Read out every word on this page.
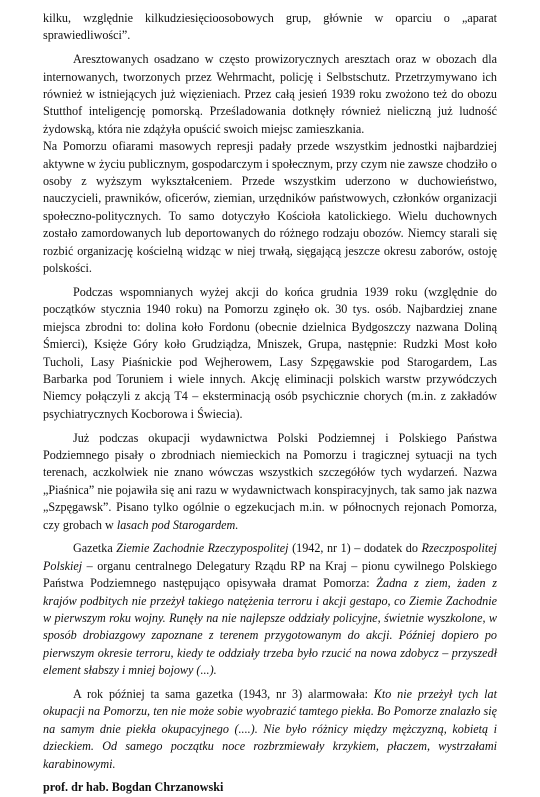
kilku, względnie kilkudziesięcioosobowych grup, głównie w oparciu o „aparat sprawiedliwości”.

Aresztowanych osadzano w często prowizorycznych aresztach oraz w obozach dla internowanych, tworzonych przez Wehrmacht, policję i Selbstschutz. Przetrzymywano ich również w istniejących już więzieniach. Przez całą jesień 1939 roku zwożono też do obozu Stutthof inteligencję pomorską. Prześladowania dotknęły również nieliczną już ludność żydowską, która nie zdążyła opuścić swoich miejsc zamieszkania.

Na Pomorzu ofiarami masowych represji padały przede wszystkim jednostki najbardziej aktywne w życiu publicznym, gospodarczym i społecznym, przy czym nie zawsze chodziło o osoby z wyższym wykształceniem. Przede wszystkim uderzono w duchowieństwo, nauczycieli, prawników, oficerów, ziemian, urzędników państwowych, członków organizacji społeczno-politycznych. To samo dotyczyło Kościoła katolickiego. Wielu duchownych zostało zamordowanych lub deportowanych do różnego rodzaju obozów. Niemcy starali się rozbić organizację kościelną widząc w niej trwałą, sięgającą jeszcze okresu zaborów, ostoję polskości.

Podczas wspomnianych wyżej akcji do końca grudnia 1939 roku (względnie do początków stycznia 1940 roku) na Pomorzu zginęło ok. 30 tys. osób. Najbardziej znane miejsca zbrodni to: dolina koło Fordonu (obecnie dzielnica Bydgoszczy nazwana Doliną Śmierci), Księże Góry koło Grudziądza, Mniszek, Grupa, następnie: Rudzki Most koło Tucholi, Lasy Piaśnickie pod Wejherowem, Lasy Szpęgawskie pod Starogardem, Las Barbarka pod Toruniem i wiele innych. Akcję eliminacji polskich warstw przywódczych Niemcy połączyli z akcją T4 – eksterminacją osób psychicznie chorych (m.in. z zakładów psychiatrycznych Kocborowa i Świecia).

Już podczas okupacji wydawnictwa Polski Podziemnej i Polskiego Państwa Podziemnego pisały o zbrodniach niemieckich na Pomorzu i tragicznej sytuacji na tych terenach, aczkolwiek nie znano wówczas wszystkich szczegółów tych wydarzeń. Nazwa „Piaśnica” nie pojawiła się ani razu w wydawnictwach konspiracyjnych, tak samo jak nazwa „Szpęgawsk”. Pisano tylko ogólnie o egzekucjach m.in. w północnych rejonach Pomorza, czy grobach w lasach pod Starogardem.

Gazetka Ziemie Zachodnie Rzeczypospolitej (1942, nr 1) – dodatek do Rzeczpospolitej Polskiej – organu centralnego Delegatury Rządu RP na Kraj – pionu cywilnego Polskiego Państwa Podziemnego następująco opisywała dramat Pomorza: Żadna z ziem, żaden z krajów podbitych nie przeżył takiego natężenia terroru i akcji gestapo, co Ziemie Zachodnie w pierwszym roku wojny. Runęły na nie najlepsze oddziały policyjne, świetnie wyszkolone, w sposób drobiazgowy zapoznane z terenem przygotowanym do akcji. Później dopiero po pierwszym okresie terroru, kiedy te oddziały trzeba było rzucić na nowa zdobycz – przyszedł element słabszy i mniej bojowy (...).

A rok później ta sama gazetka (1943, nr 3) alarmowała: Kto nie przeżył tych lat okupacji na Pomorzu, ten nie może sobie wyobrazić tamtego piekła. Bo Pomorze znalazło się na samym dnie piekła okupacyjnego (....). Nie było różnicy między mężczyzną, kobietą i dzieckiem. Od samego początku noce rozbrzmiewały krzykiem, płaczem, wystrzałami karabinowymi.

prof. dr hab. Bogdan Chrzanowski
